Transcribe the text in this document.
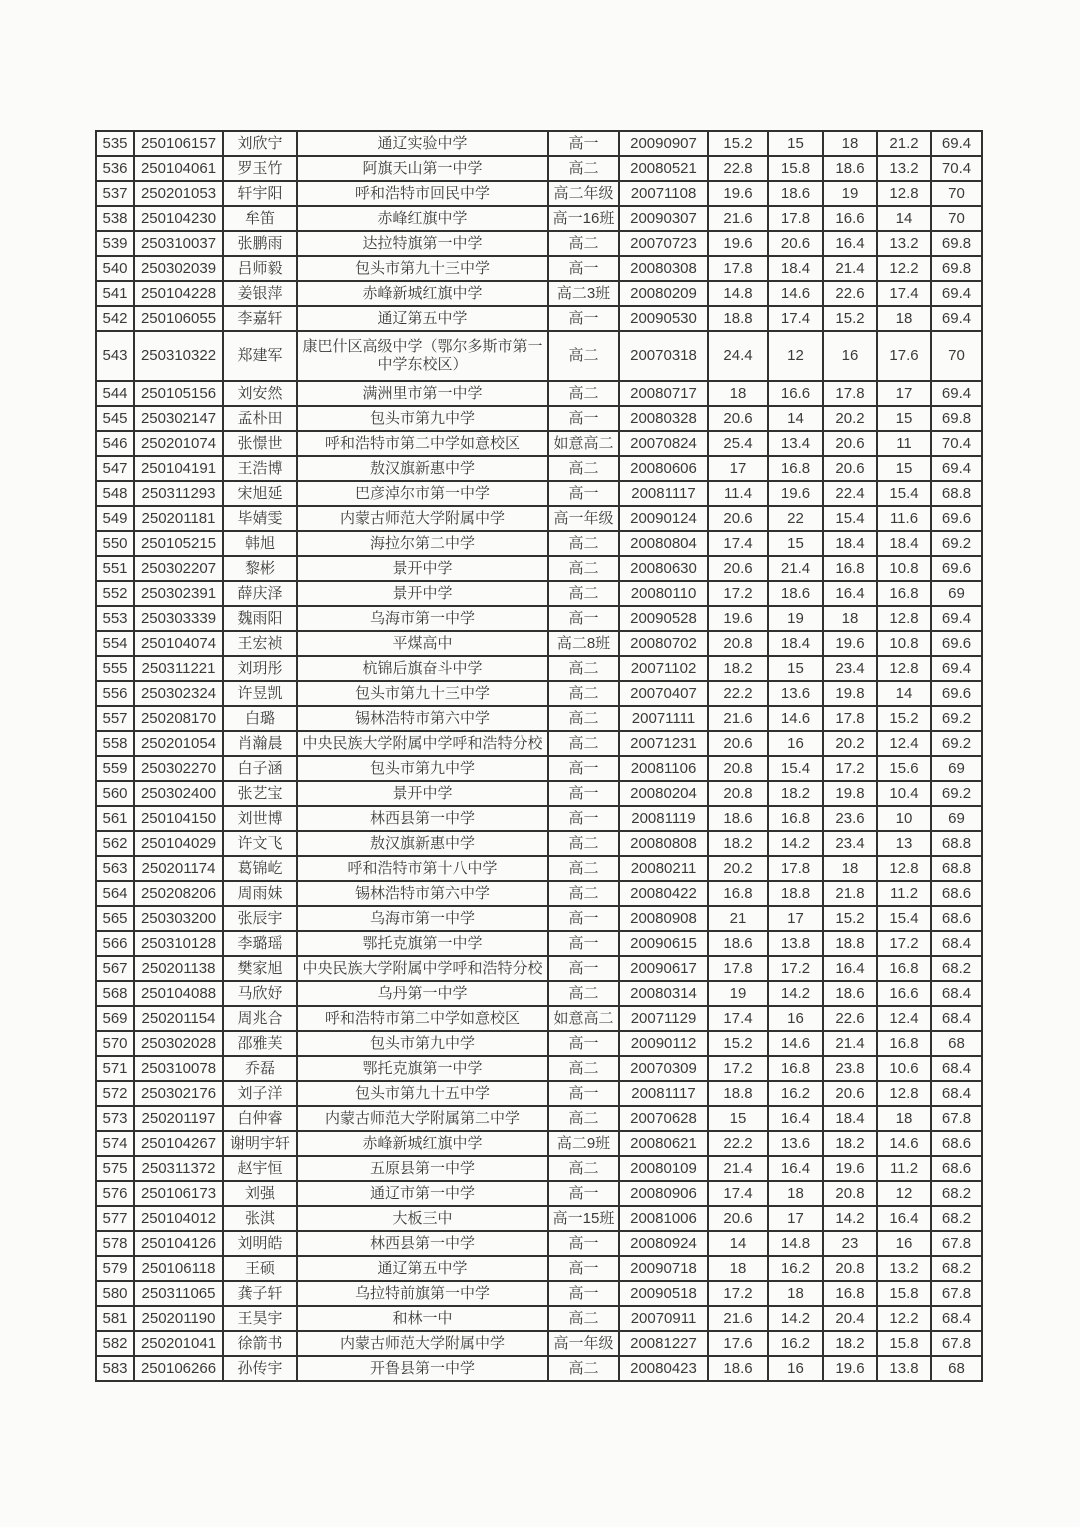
535	250106157	刘欣宁	通辽实验中学	高一	20090907	15.2	15	18	21.2	69.4
536	250104061	罗玉竹	阿旗天山第一中学	高二	20080521	22.8	15.8	18.6	13.2	70.4
537	250201053	轩宇阳	呼和浩特市回民中学	高二年级	20071108	19.6	18.6	19	12.8	70
538	250104230	牟笛	赤峰红旗中学	高一16班	20090307	21.6	17.8	16.6	14	70
539	250310037	张鹏雨	达拉特旗第一中学	高二	20070723	19.6	20.6	16.4	13.2	69.8
540	250302039	吕师毅	包头市第九十三中学	高一	20080308	17.8	18.4	21.4	12.2	69.8
541	250104228	姜银萍	赤峰新城红旗中学	高二3班	20080209	14.8	14.6	22.6	17.4	69.4
542	250106055	李嘉轩	通辽第五中学	高一	20090530	18.8	17.4	15.2	18	69.4
543	250310322	郑建军	康巴什区高级中学（鄂尔多斯市第一中学东校区）	高二	20070318	24.4	12	16	17.6	70
544	250105156	刘安然	满洲里市第一中学	高二	20080717	18	16.6	17.8	17	69.4
545	250302147	孟朴田	包头市第九中学	高一	20080328	20.6	14	20.2	15	69.8
546	250201074	张憬世	呼和浩特市第二中学如意校区	如意高二	20070824	25.4	13.4	20.6	11	70.4
547	250104191	王浩博	敖汉旗新惠中学	高二	20080606	17	16.8	20.6	15	69.4
548	250311293	宋旭延	巴彦淖尔市第一中学	高一	20081117	11.4	19.6	22.4	15.4	68.8
549	250201181	毕婧雯	内蒙古师范大学附属中学	高一年级	20090124	20.6	22	15.4	11.6	69.6
550	250105215	韩旭	海拉尔第二中学	高二	20080804	17.4	15	18.4	18.4	69.2
551	250302207	黎彬	景开中学	高二	20080630	20.6	21.4	16.8	10.8	69.6
552	250302391	薛庆泽	景开中学	高二	20080110	17.2	18.6	16.4	16.8	69
553	250303339	魏雨阳	乌海市第一中学	高一	20090528	19.6	19	18	12.8	69.4
554	250104074	王宏祯	平煤高中	高二8班	20080702	20.8	18.4	19.6	10.8	69.6
555	250311221	刘玥彤	杭锦后旗奋斗中学	高二	20071102	18.2	15	23.4	12.8	69.4
556	250302324	许昱凯	包头市第九十三中学	高二	20070407	22.2	13.6	19.8	14	69.6
557	250208170	白璐	锡林浩特市第六中学	高二	20071111	21.6	14.6	17.8	15.2	69.2
558	250201054	肖瀚晨	中央民族大学附属中学呼和浩特分校	高二	20071231	20.6	16	20.2	12.4	69.2
559	250302270	白子涵	包头市第九中学	高一	20081106	20.8	15.4	17.2	15.6	69
560	250302400	张艺宝	景开中学	高一	20080204	20.8	18.2	19.8	10.4	69.2
561	250104150	刘世博	林西县第一中学	高一	20081119	18.6	16.8	23.6	10	69
562	250104029	许文飞	敖汉旗新惠中学	高二	20080808	18.2	14.2	23.4	13	68.8
563	250201174	葛锦屹	呼和浩特市第十八中学	高二	20080211	20.2	17.8	18	12.8	68.8
564	250208206	周雨妹	锡林浩特市第六中学	高二	20080422	16.8	18.8	21.8	11.2	68.6
565	250303200	张辰宇	乌海市第一中学	高一	20080908	21	17	15.2	15.4	68.6
566	250310128	李璐瑶	鄂托克旗第一中学	高一	20090615	18.6	13.8	18.8	17.2	68.4
567	250201138	樊家旭	中央民族大学附属中学呼和浩特分校	高一	20090617	17.8	17.2	16.4	16.8	68.2
568	250104088	马欣妤	乌丹第一中学	高二	20080314	19	14.2	18.6	16.6	68.4
569	250201154	周兆合	呼和浩特市第二中学如意校区	如意高二	20071129	17.4	16	22.6	12.4	68.4
570	250302028	邵雅芙	包头市第九中学	高一	20090112	15.2	14.6	21.4	16.8	68
571	250310078	乔磊	鄂托克旗第一中学	高二	20070309	17.2	16.8	23.8	10.6	68.4
572	250302176	刘子洋	包头市第九十五中学	高一	20081117	18.8	16.2	20.6	12.8	68.4
573	250201197	白仲睿	内蒙古师范大学附属第二中学	高二	20070628	15	16.4	18.4	18	67.8
574	250104267	谢明宇轩	赤峰新城红旗中学	高二9班	20080621	22.2	13.6	18.2	14.6	68.6
575	250311372	赵宇恒	五原县第一中学	高二	20080109	21.4	16.4	19.6	11.2	68.6
576	250106173	刘强	通辽市第一中学	高一	20080906	17.4	18	20.8	12	68.2
577	250104012	张淇	大板三中	高一15班	20081006	20.6	17	14.2	16.4	68.2
578	250104126	刘明皓	林西县第一中学	高一	20080924	14	14.8	23	16	67.8
579	250106118	王硕	通辽第五中学	高一	20090718	18	16.2	20.8	13.2	68.2
580	250311065	龚子轩	乌拉特前旗第一中学	高一	20090518	17.2	18	16.8	15.8	67.8
581	250201190	王昊宇	和林一中	高二	20070911	21.6	14.2	20.4	12.2	68.4
582	250201041	徐箭书	内蒙古师范大学附属中学	高一年级	20081227	17.6	16.2	18.2	15.8	67.8
583	250106266	孙传宇	开鲁县第一中学	高二	20080423	18.6	16	19.6	13.8	68
